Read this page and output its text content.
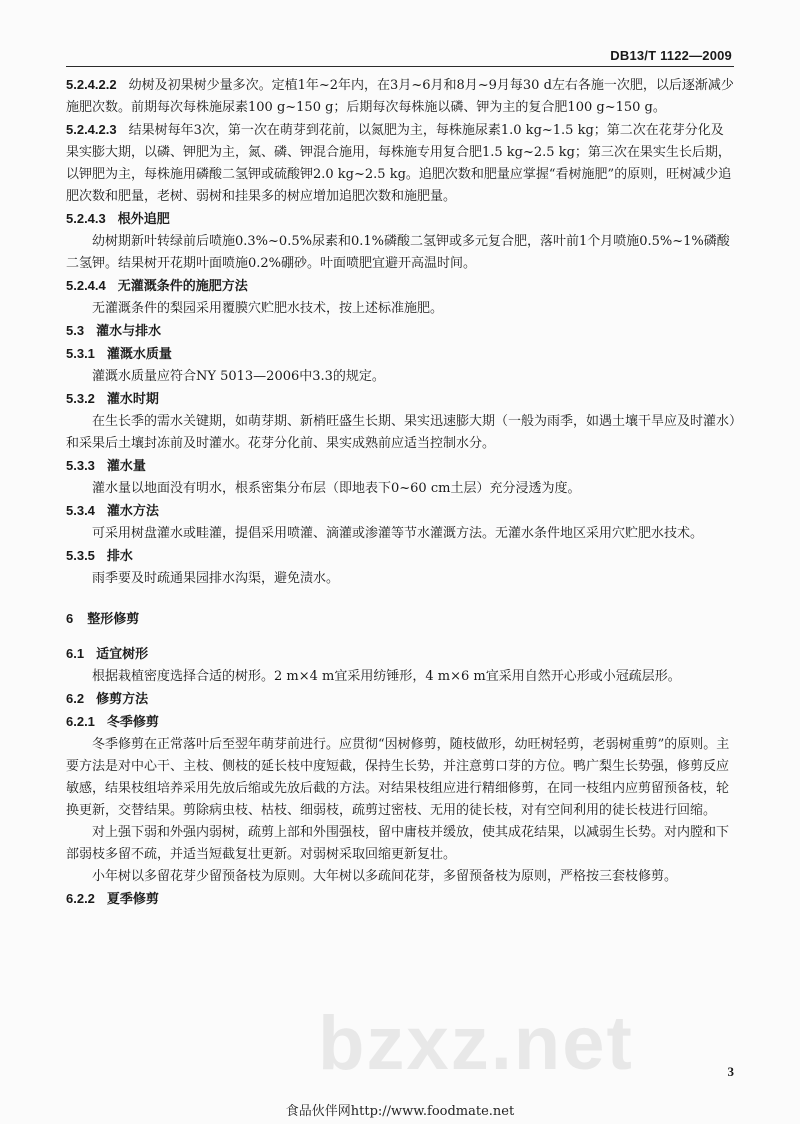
DB13/T 1122—2009

5.2.4.2.2 幼树及初果树少量多次。定植1年~2年内，在3月~6月和8月~9月每30 d左右各施一次肥，以后逐渐减少施肥次数。前期每次每株施尿素100 g~150 g；后期每次每株施以磷、钾为主的复合肥100 g~150 g。

5.2.4.2.3 结果树每年3次，第一次在萌芽到花前，以氮肥为主，每株施尿素1.0 kg~1.5 kg；第二次在花芽分化及果实膨大期，以磷、钾肥为主，氮、磷、钾混合施用，每株施专用复合肥1.5 kg~2.5 kg；第三次在果实生长后期，以钾肥为主，每株施用磷酸二氢钾或硫酸钾2.0 kg~2.5 kg。追肥次数和肥量应掌握“看树施肥”的原则，旺树减少追肥次数和肥量，老树、弱树和挂果多的树应增加追肥次数和施肥量。

5.2.4.3 根外追肥

幼树期新叶转绿前后喷施0.3%~0.5%尿素和0.1%磷酸二氢钾或多元复合肥，落叶前1个月喷施0.5%~1%磷酸二氢钾。结果树开花期叶面喷施0.2%硼砂。叶面喷肥宜避开高温时间。

5.2.4.4 无灌溉条件的施肥方法

无灌溉条件的梨园采用覆膜穴贮肥水技术，按上述标准施肥。

5.3 灌水与排水

5.3.1 灌溉水质量

灌溉水质量应符合NY 5013—2006中3.3的规定。

5.3.2 灌水时期

在生长季的需水关键期，如萌芽期、新梢旺盛生长期、果实迅速膨大期（一般为雨季，如遇土壤干旱应及时灌水）和采果后土壤封冻前及时灌水。花芽分化前、果实成熟前应适当控制水分。

5.3.3 灌水量

灌水量以地面没有明水，根系密集分布层（即地表下0~60 cm土层）充分浸透为度。

5.3.4 灌水方法

可采用树盘灌水或畦灌，提倡采用喷灌、滴灌或渗灌等节水灌溉方法。无灌水条件地区采用穴贮肥水技术。

5.3.5 排水

雨季要及时疏通果园排水沟渠，避免渍水。

6 整形修剪

6.1 适宜树形

根据栽植密度选择合适的树形。2 m×4 m宜采用纺锤形，4 m×6 m宜采用自然开心形或小冠疏层形。

6.2 修剪方法

6.2.1 冬季修剪

冬季修剪在正常落叶后至翌年萌芽前进行。应贯彻“因树修剪，随枝做形，幼旺树轻剪，老弱树重剪”的原则。主要方法是对中心干、主枝、侧枝的延长枝中度短截，保持生长势，并注意剪口芽的方位。鸭广梨生长势强，修剪反应敏感，结果枝组培养采用先放后缩或先放后截的方法。对结果枝组应进行精细修剪，在同一枝组内应剪留预备枝，轮换更新，交替结果。剪除病虫枝、枯枝、细弱枝，疏剪过密枝、无用的徒长枝，对有空间利用的徒长枝进行回缩。

对上强下弱和外强内弱树，疏剪上部和外围强枝，留中庸枝并缓放，使其成花结果，以减弱生长势。对内膛和下部弱枝多留不疏，并适当短截复壮更新。对弱树采取回缩更新复壮。

小年树以多留花芽少留预备枝为原则。大年树以多疏间花芽，多留预备枝为原则，严格按三套枝修剪。

6.2.2 夏季修剪

bzxz.net	3
食品伙伴网http://www.foodmate.net
